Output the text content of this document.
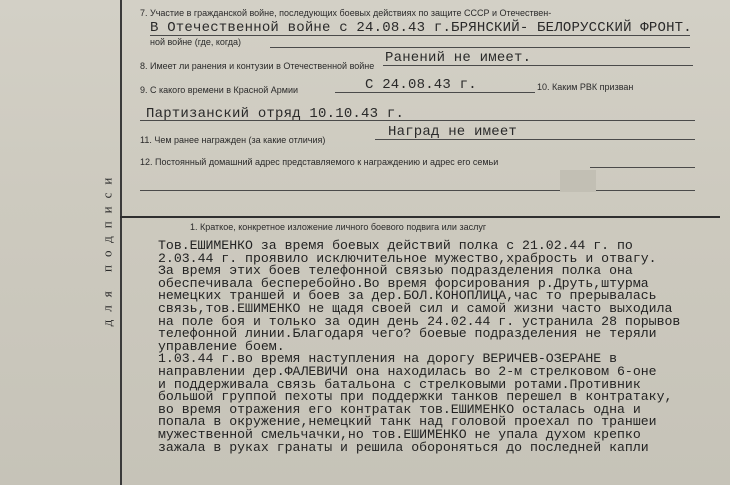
для подписи
7. Участие в гражданской войне, последующих боевых действиях по защите СССР и Отечествен-
В Отечественной войне с 24.08.43 г.БРЯНСКИЙ- БЕЛОРУССКИЙ ФРОНТ.
ной войне (где, когда)
8. Имеет ли ранения и контузии в Отечественной войне Ранений не имеет.
9. С какого времени в Красной Армии	С 24.08.43 г.	10. Каким РВК призван
Партизанский отряд 10.10.43 г.
11. Чем ранее награжден (за какие отличия)	Наград не имеет
12. Постоянный домашний адрес представляемого к награждению и адрес его семьи
1. Краткое, конкретное изложение личного боевого подвига или заслуг
Тов.ЕШИМЕНКО за время боевых действий полка с 21.02.44 г. по
2.03.44 г. проявило исключительное мужество,храбрость и отвагу.
За время этих боев телефонной связью подразделения полка она
обеспечивала бесперебойно.Во время форсирования р.Друть,штурма
немецких траншей и боев за дер.БОЛ.КОНОПЛИЦА,час то прерывалась
связь,тов.ЕШИМЕНКО не щадя своей сил и самой жизни часто выходила
на поле боя и только за один день 24.02.44 г. устранила 28 порывов
телефонной линии.Благодаря чего? боевые подразделения не теряли
управление боем.
1.03.44 г.во время наступления на дорогу ВЕРИЧЕВ-ОЗЕРАНЕ в
направлении дер.ФАЛЕВИЧИ она находилась во 2-м стрелковом 6-оне
и поддерживала связь батальона с стрелковыми ротами.Противник
большой группой пехоты при поддержки танков перешел в контратаку,
во время отражения его контратак тов.ЕШИМЕНКО осталась одна и
попала в окружение,немецкий танк над головой проехал по траншеи
мужественной смельчачки,но тов.ЕШИМЕНКО не упала духом крепко
зажала в руках гранаты и решила обороняться до последней капли
